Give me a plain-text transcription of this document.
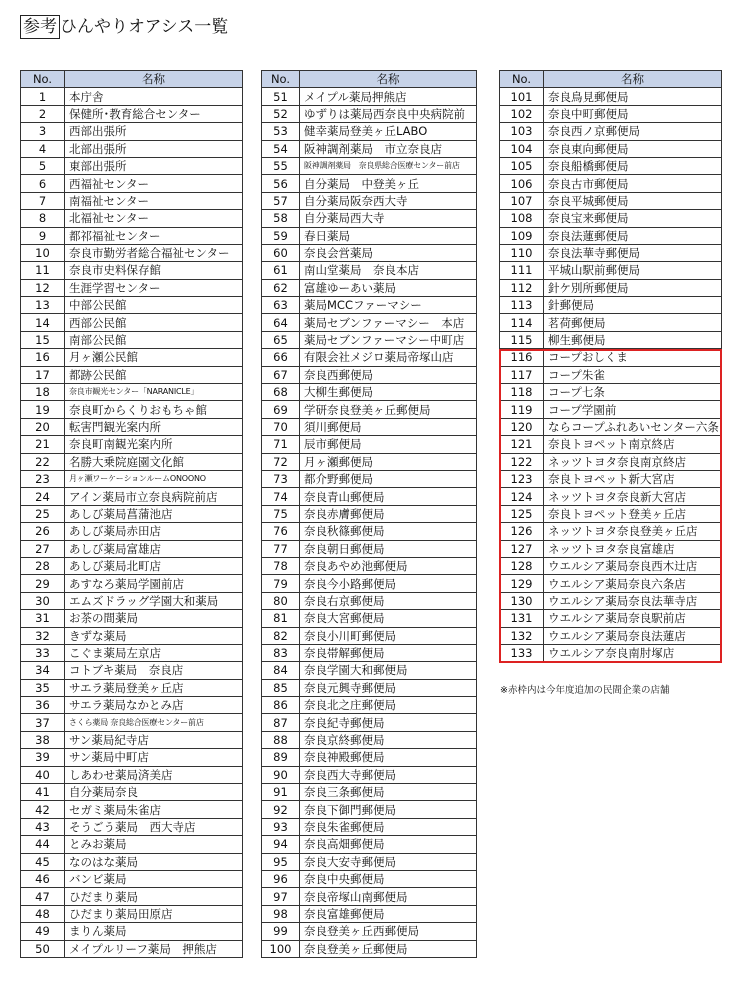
参考 ひんやりオアシス一覧
No.	名称
1	本庁舎
2	保健所･教育総合センター
3	西部出張所
4	北部出張所
5	東部出張所
6	西福祉センター
7	南福祉センター
8	北福祉センター
9	都祁福祉センター
10	奈良市勤労者総合福祉センター
11	奈良市史料保存館
12	生涯学習センター
13	中部公民館
14	西部公民館
15	南部公民館
16	月ヶ瀬公民館
17	都跡公民館
18	奈良市観光センター「NARANICLE」
19	奈良町からくりおもちゃ館
20	転害門観光案内所
21	奈良町南観光案内所
22	名勝大乗院庭園文化館
23	月ヶ瀬ワーケーションルームONOONO
24	アイン薬局市立奈良病院前店
25	あしび薬局菖蒲池店
26	あしび薬局赤田店
27	あしび薬局富雄店
28	あしび薬局北町店
29	あすなろ薬局学園前店
30	エムズドラッグ学園大和薬局
31	お茶の間薬局
32	きずな薬局
33	こぐま薬局左京店
34	コトブキ薬局　奈良店
35	サエラ薬局登美ヶ丘店
36	サエラ薬局なかとみ店
37	さくら薬局 奈良総合医療センター前店
38	サン薬局紀寺店
39	サン薬局中町店
40	しあわせ薬局済美店
41	自分薬局奈良
42	セガミ薬局朱雀店
43	そうごう薬局　西大寺店
44	とみお薬局
45	なのはな薬局
46	バンビ薬局
47	ひだまり薬局
48	ひだまり薬局田原店
49	まりん薬局
50	メイプルリーフ薬局　押熊店
No.	名称
51	メイプル薬局押熊店
52	ゆずりは薬局西奈良中央病院前
53	健幸薬局登美ヶ丘LABO
54	阪神調剤薬局　市立奈良店
55	阪神調剤薬局　奈良県総合医療センター前店
56	自分薬局　中登美ヶ丘
57	自分薬局阪奈西大寺
58	自分薬局西大寺
59	春日薬局
60	奈良会営薬局
61	南山堂薬局　奈良本店
62	富雄ゆーあい薬局
63	薬局MCCファーマシー
64	薬局セブンファーマシー　本店
65	薬局セブンファーマシー中町店
66	有限会社メジロ薬局帝塚山店
67	奈良西郵便局
68	大柳生郵便局
69	学研奈良登美ヶ丘郵便局
70	須川郵便局
71	辰市郵便局
72	月ヶ瀬郵便局
73	都介野郵便局
74	奈良青山郵便局
75	奈良赤膚郵便局
76	奈良秋篠郵便局
77	奈良朝日郵便局
78	奈良あやめ池郵便局
79	奈良今小路郵便局
80	奈良右京郵便局
81	奈良大宮郵便局
82	奈良小川町郵便局
83	奈良帯解郵便局
84	奈良学園大和郵便局
85	奈良元興寺郵便局
86	奈良北之庄郵便局
87	奈良紀寺郵便局
88	奈良京終郵便局
89	奈良神殿郵便局
90	奈良西大寺郵便局
91	奈良三条郵便局
92	奈良下御門郵便局
93	奈良朱雀郵便局
94	奈良高畑郵便局
95	奈良大安寺郵便局
96	奈良中央郵便局
97	奈良帝塚山南郵便局
98	奈良富雄郵便局
99	奈良登美ヶ丘西郵便局
100	奈良登美ヶ丘郵便局
No.	名称
101	奈良鳥見郵便局
102	奈良中町郵便局
103	奈良西ノ京郵便局
104	奈良東向郵便局
105	奈良船橋郵便局
106	奈良古市郵便局
107	奈良平城郵便局
108	奈良宝来郵便局
109	奈良法蓮郵便局
110	奈良法華寺郵便局
111	平城山駅前郵便局
112	針ケ別所郵便局
113	針郵便局
114	茗荷郵便局
115	柳生郵便局
116	コープおしくま
117	コープ朱雀
118	コープ七条
119	コープ学園前
120	ならコープふれあいセンター六条
121	奈良トヨペット南京終店
122	ネッツトヨタ奈良南京終店
123	奈良トヨペット新大宮店
124	ネッツトヨタ奈良新大宮店
125	奈良トヨペット登美ヶ丘店
126	ネッツトヨタ奈良登美ヶ丘店
127	ネッツトヨタ奈良富雄店
128	ウエルシア薬局奈良西木辻店
129	ウエルシア薬局奈良六条店
130	ウエルシア薬局奈良法華寺店
131	ウエルシア薬局奈良駅前店
132	ウエルシア薬局奈良法蓮店
133	ウエルシア奈良南肘塚店
※赤枠内は今年度追加の民間企業の店舗
